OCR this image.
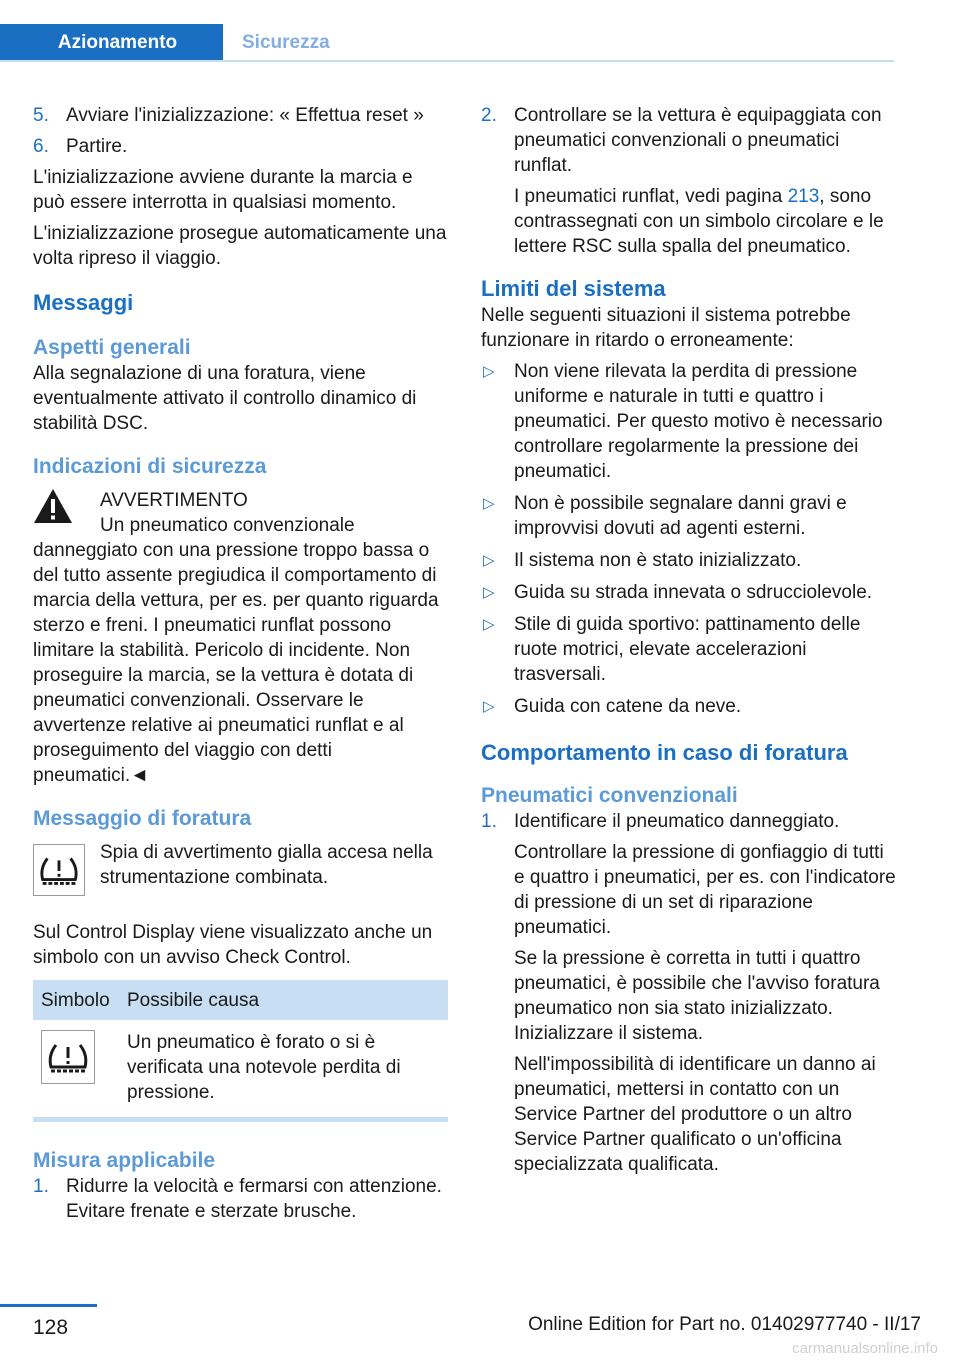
Azionamento	Sicurezza
5. Avviare l'inizializzazione: « Effettua reset »
6. Partire.

L'inizializzazione avviene durante la marcia e può essere interrotta in qualsiasi momento.

L'inizializzazione prosegue automaticamente una volta ripreso il viaggio.

Messaggi
Aspetti generali

Alla segnalazione di una foratura, viene eventualmente attivato il controllo dinamico di stabilità DSC.

Indicazioni di sicurezza
AVVERTIMENTO

Un pneumatico convenzionale danneggiato con una pressione troppo bassa o del tutto assente pregiudica il comportamento di marcia della vettura, per es. per quanto riguarda sterzo e freni. I pneumatici runflat possono limitare la stabilità. Pericolo di incidente. Non proseguire la marcia, se la vettura è dotata di pneumatici convenzionali. Osservare le avvertenze relative ai pneumatici runflat e al proseguimento del viaggio con detti pneumatici.◄

Messaggio di foratura
Spia di avvertimento gialla accesa nella strumentazione combinata.

Sul Control Display viene visualizzato anche un simbolo con un avviso Check Control.

Simbolo	Possibile causa
	Un pneumatico è forato o si è verificata una notevole perdita di pressione.
Misura applicabile
1. Ridurre la velocità e fermarsi con attenzione. Evitare frenate e sterzate brusche.
2. Controllare se la vettura è equipaggiata con pneumatici convenzionali o pneumatici runflat.

I pneumatici runflat, vedi pagina 213, sono contrassegnati con un simbolo circolare e le lettere RSC sulla spalla del pneumatico.

Limiti del sistema

Nelle seguenti situazioni il sistema potrebbe funzionare in ritardo o erroneamente:

▷ Non viene rilevata la perdita di pressione uniforme e naturale in tutti e quattro i pneumatici. Per questo motivo è necessario controllare regolarmente la pressione dei pneumatici.
▷ Non è possibile segnalare danni gravi e improvvisi dovuti ad agenti esterni.
▷ Il sistema non è stato inizializzato.
▷ Guida su strada innevata o sdrucciolevole.
▷ Stile di guida sportivo: pattinamento delle ruote motrici, elevate accelerazioni trasversali.
▷ Guida con catene da neve.
Comportamento in caso di foratura
Pneumatici convenzionali
1. Identificare il pneumatico danneggiato.

Controllare la pressione di gonfiaggio di tutti e quattro i pneumatici, per es. con l'indicatore di pressione di un set di riparazione pneumatici.

Se la pressione è corretta in tutti i quattro pneumatici, è possibile che l'avviso foratura pneumatico non sia stato inizializzato. Inizializzare il sistema.

Nell'impossibilità di identificare un danno ai pneumatici, mettersi in contatto con un Service Partner del produttore o un altro Service Partner qualificato o un'officina specializzata qualificata.

128	Online Edition for Part no. 01402977740 - II/17
carmanualsonline.info
